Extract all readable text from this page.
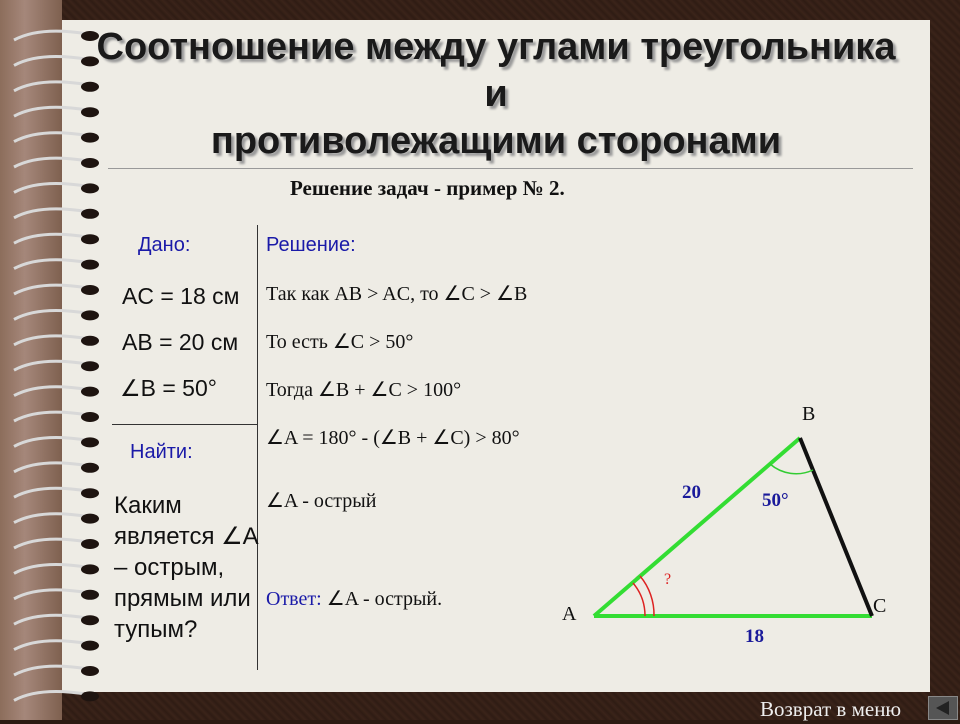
Соотношение между углами треугольника
и
противолежащими сторонами
Решение задач - пример № 2.
Дано:
AC = 18 см
AB = 20 см
∠B = 50°
Найти:
Каким является ∠A – острым, прямым или тупым?
Решение:
Так как AB > AC, то ∠C > ∠B
То есть ∠C > 50°
Тогда ∠B + ∠C > 100°
∠A = 180° - (∠B + ∠C) > 80°
∠A - острый
Ответ: ∠A - острый.
A
B
C
20
18
50°
?
Возврат в меню
